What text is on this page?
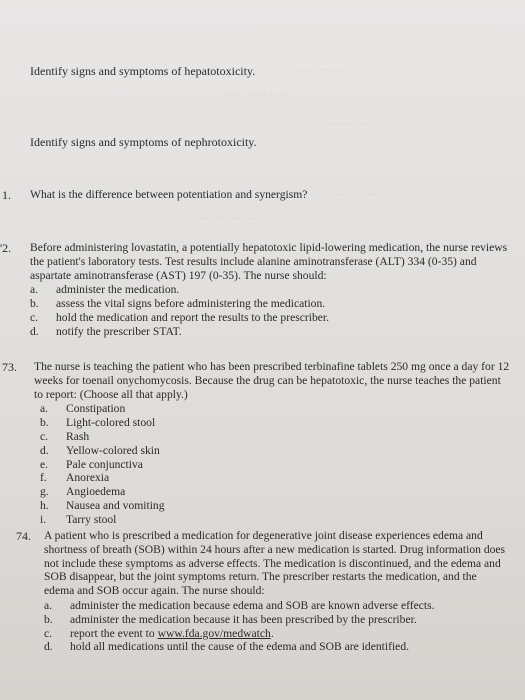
— · ~ — ·
· — · — ~ · —
~ — · — ·
· — ~ · —
— · ~ — · — ·
Identify signs and symptoms of hepatotoxicity.
Identify signs and symptoms of nephrotoxicity.
1. What is the difference between potentiation and synergism?

'2. Before administering lovastatin, a potentially hepatotoxic lipid-lowering medication, the nurse reviews the patient's laboratory tests. Test results include alanine aminotransferase (ALT) 334 (0-35) and aspartate aminotransferase (AST) 197 (0-35). The nurse should:

a.	administer the medication.
b.	assess the vital signs before administering the medication.
c.	hold the medication and report the results to the prescriber.
d.	notify the prescriber STAT.
73. The nurse is teaching the patient who has been prescribed terbinafine tablets 250 mg once a day for 12 weeks for toenail onychomycosis. Because the drug can be hepatotoxic, the nurse teaches the patient to report: (Choose all that apply.)

a.	Constipation
b.	Light-colored stool
c.	Rash
d.	Yellow-colored skin
e.	Pale conjunctiva
f.	Anorexia
g.	Angioedema
h.	Nausea and vomiting
i.	Tarry stool
74. A patient who is prescribed a medication for degenerative joint disease experiences edema and shortness of breath (SOB) within 24 hours after a new medication is started. Drug information does not include these symptoms as adverse effects. The medication is discontinued, and the edema and SOB disappear, but the joint symptoms return. The prescriber restarts the medication, and the edema and SOB occur again. The nurse should:

a.	administer the medication because edema and SOB are known adverse effects.
b.	administer the medication because it has been prescribed by the prescriber.
c.	report the event to www.fda.gov/medwatch.
d.	hold all medications until the cause of the edema and SOB are identified.
